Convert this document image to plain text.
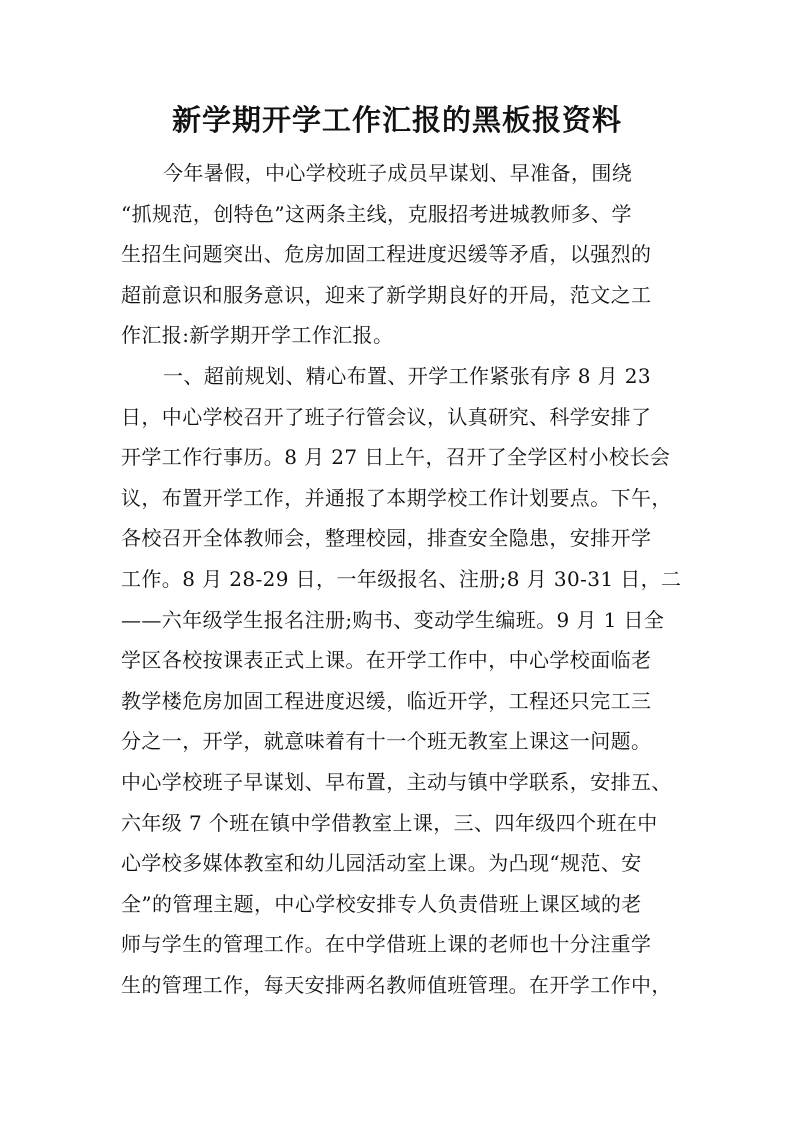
新学期开学工作汇报的黑板报资料
今年暑假，中心学校班子成员早谋划、早准备，围绕
“抓规范，创特色”这两条主线，克服招考进城教师多、学
生招生问题突出、危房加固工程进度迟缓等矛盾，以强烈的
超前意识和服务意识，迎来了新学期良好的开局，范文之工
作汇报:新学期开学工作汇报。
一、超前规划、精心布置、开学工作紧张有序 8 月 23
日，中心学校召开了班子行管会议，认真研究、科学安排了
开学工作行事历。8 月 27 日上午，召开了全学区村小校长会
议，布置开学工作，并通报了本期学校工作计划要点。下午，
各校召开全体教师会，整理校园，排查安全隐患，安排开学
工作。8 月 28-29 日，一年级报名、注册;8 月 30-31 日，二
——六年级学生报名注册;购书、变动学生编班。9 月 1 日全
学区各校按课表正式上课。在开学工作中，中心学校面临老
教学楼危房加固工程进度迟缓，临近开学，工程还只完工三
分之一，开学，就意味着有十一个班无教室上课这一问题。
中心学校班子早谋划、早布置，主动与镇中学联系，安排五、
六年级 7 个班在镇中学借教室上课，三、四年级四个班在中
心学校多媒体教室和幼儿园活动室上课。为凸现“规范、安
全”的管理主题，中心学校安排专人负责借班上课区域的老
师与学生的管理工作。在中学借班上课的老师也十分注重学
生的管理工作，每天安排两名教师值班管理。在开学工作中，
